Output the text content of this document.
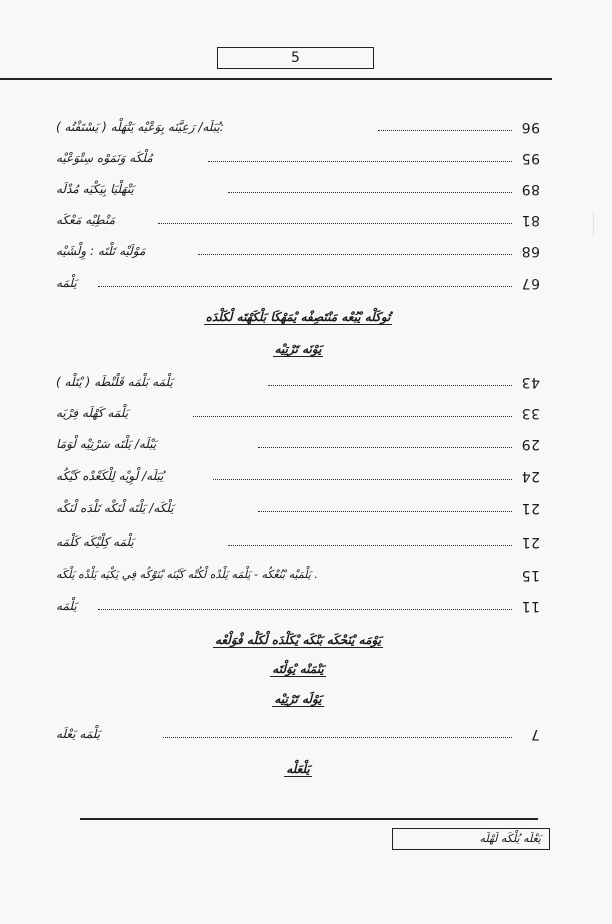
5
يُبَلَه/ رَعِيَّنَه بِوَعْيْه يَتْهَلْه ( يَسْتَفْتُه ):	96
مُلْكَه وَنَمَوْه سِتْوَعْيْه	95
يَنْهَلْيَا بِيَكْيَه مُدْلَه	89
مَنْطِيْه مَعْكَه	81
مَوْلَيْه تَلْتَه : وِلْشَيْه	68
يَلْمَه	67
تُوكَلْه يْبُعْه مَنْتَصِفْه يْمَهْكَا بَلْكَهْتَه لْكَلْدَه
يَوْنَه تَرْتِيْه
يَلْمَه بَلْمَه قَلْنْطَه ( يْتَلْه )	43
يَلْمَه كَهْلَه فِرْيَه	33
يَبْلَه/ يَلْتَه سَرْتِيْه لْوَمَا	29
يُبَلَه/ لْوِيْه لِلْكَعْدْه كَيْكُه	24
يَلْكَه/ يَلْتَه لْنَكْه تَلْدَه لْنَكْه	21
يَلْمَه كِلْيْكَه كَلْمَه	21
يَلْمَيْه بْنُعْكُه - يَلْمَه يَلْدْه لْكُتْه كَيْنَه بْنَوْكُه فِي يَكْيَه يَلْدْه يَلْكَه .	15
يَلْمَه	11
يَوْمَه يْنَحْكَه بَنْكَه يْكَلْدَه لْكَلْه فْوَلْعْه
يَنْمَنْه يْوَلْتَه
يَوْلَه تَرْتِيْه
يَلْمَه يَعْلَه	7
يَلْعَلْه
يَعْلَه يُلْكَه لَهْلَه
